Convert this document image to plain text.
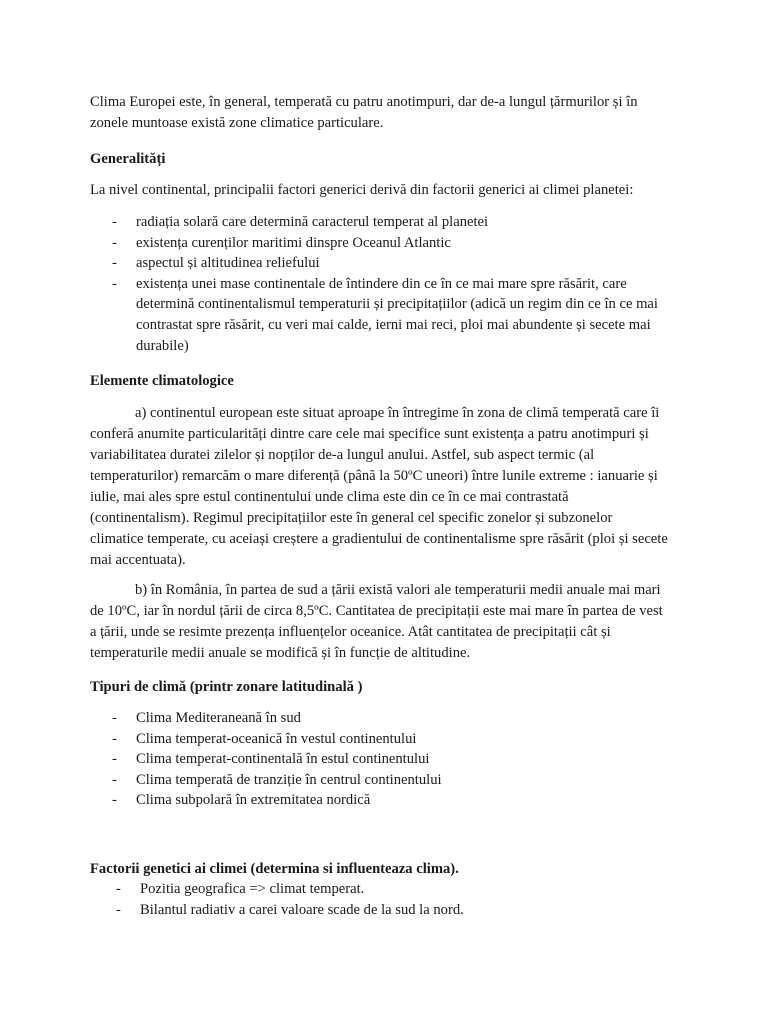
Clima Europei este, în general, temperată cu patru anotimpuri, dar de-a lungul țărmurilor și în zonele muntoase există zone climatice particulare.

Generalități

La nivel continental, principalii factori generici derivă din factorii generici ai climei planetei:

- radiația solară care determină caracterul temperat al planetei
- existența curenților maritimi dinspre Oceanul Atlantic
- aspectul și altitudinea reliefului
- existența unei mase continentale de întindere din ce în ce mai mare spre răsărit, care determină continentalismul temperaturii și precipitațiilor (adică un regim din ce în ce mai contrastat spre răsărit, cu veri mai calde, ierni mai reci, ploi mai abundente și secete mai durabile)

Elemente climatologice

a) continentul european este situat aproape în întregime în zona de climă temperată care îi conferă anumite particularități dintre care cele mai specifice sunt existența a patru anotimpuri și variabilitatea duratei zilelor și nopților de-a lungul anului. Astfel, sub aspect termic (al temperaturilor) remarcăm o mare diferență (până la 50ºC uneori) între lunile extreme : ianuarie și iulie, mai ales spre estul continentului unde clima este din ce în ce mai contrastată (continentalism). Regimul precipitațiilor este în general cel specific zonelor și subzonelor climatice temperate, cu aceiași creștere a gradientului de continentalisme spre răsărit (ploi și secete mai accentuata).

b) în România, în partea de sud a țării există valori ale temperaturii medii anuale mai mari de 10ºC, iar în nordul țării de circa 8,5ºC. Cantitatea de precipitații este mai mare în partea de vest a țării, unde se resimte prezența influențelor oceanice. Atât cantitatea de precipitații cât și temperaturile medii anuale se modifică și în funcție de altitudine.

Tipuri de climă (printr zonare latitudinală )

- Clima Mediteraneană în sud
- Clima temperat-oceanică în vestul continentului
- Clima temperat-continentală în estul continentului
- Clima temperată de tranziție în centrul continentului
- Clima subpolară în extremitatea nordică

Factorii genetici ai climei (determina si influenteaza clima).

- Pozitia geografica => climat temperat.
- Bilantul radiativ a carei valoare scade de la sud la nord.
